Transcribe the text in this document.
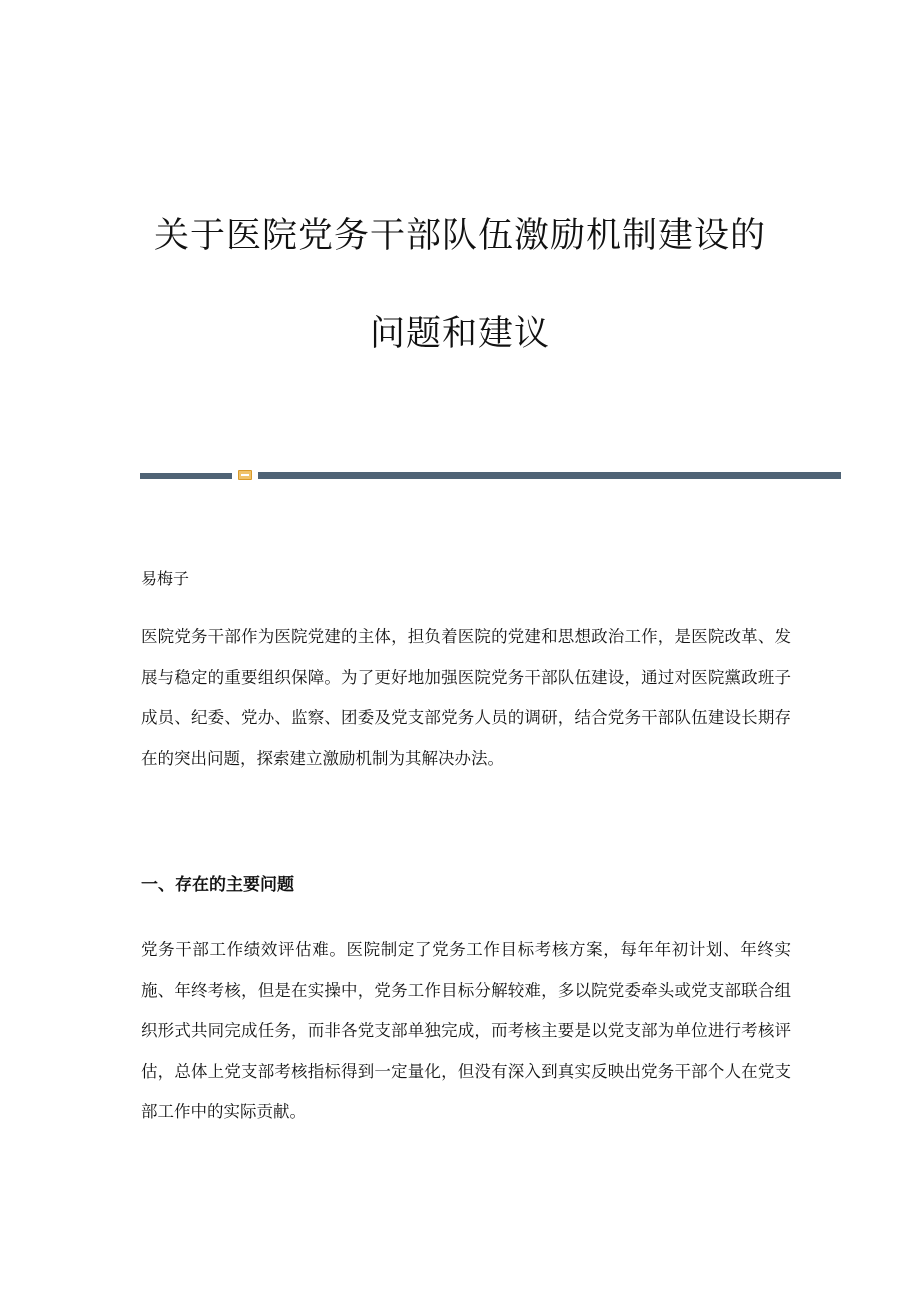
关于医院党务干部队伍激励机制建设的
问题和建议
易梅子

医院党务干部作为医院党建的主体，担负着医院的党建和思想政治工作，是医院改革、发展与稳定的重要组织保障。为了更好地加强医院党务干部队伍建设，通过对医院黨政班子成员、纪委、党办、监察、团委及党支部党务人员的调研，结合党务干部队伍建设长期存在的突出问题，探索建立激励机制为其解决办法。

一、存在的主要问题

党务干部工作绩效评估难。医院制定了党务工作目标考核方案，每年年初计划、年终实施、年终考核，但是在实操中，党务工作目标分解较难，多以院党委牵头或党支部联合组织形式共同完成任务，而非各党支部单独完成，而考核主要是以党支部为单位进行考核评估，总体上党支部考核指标得到一定量化，但没有深入到真实反映出党务干部个人在党支部工作中的实际贡献。
